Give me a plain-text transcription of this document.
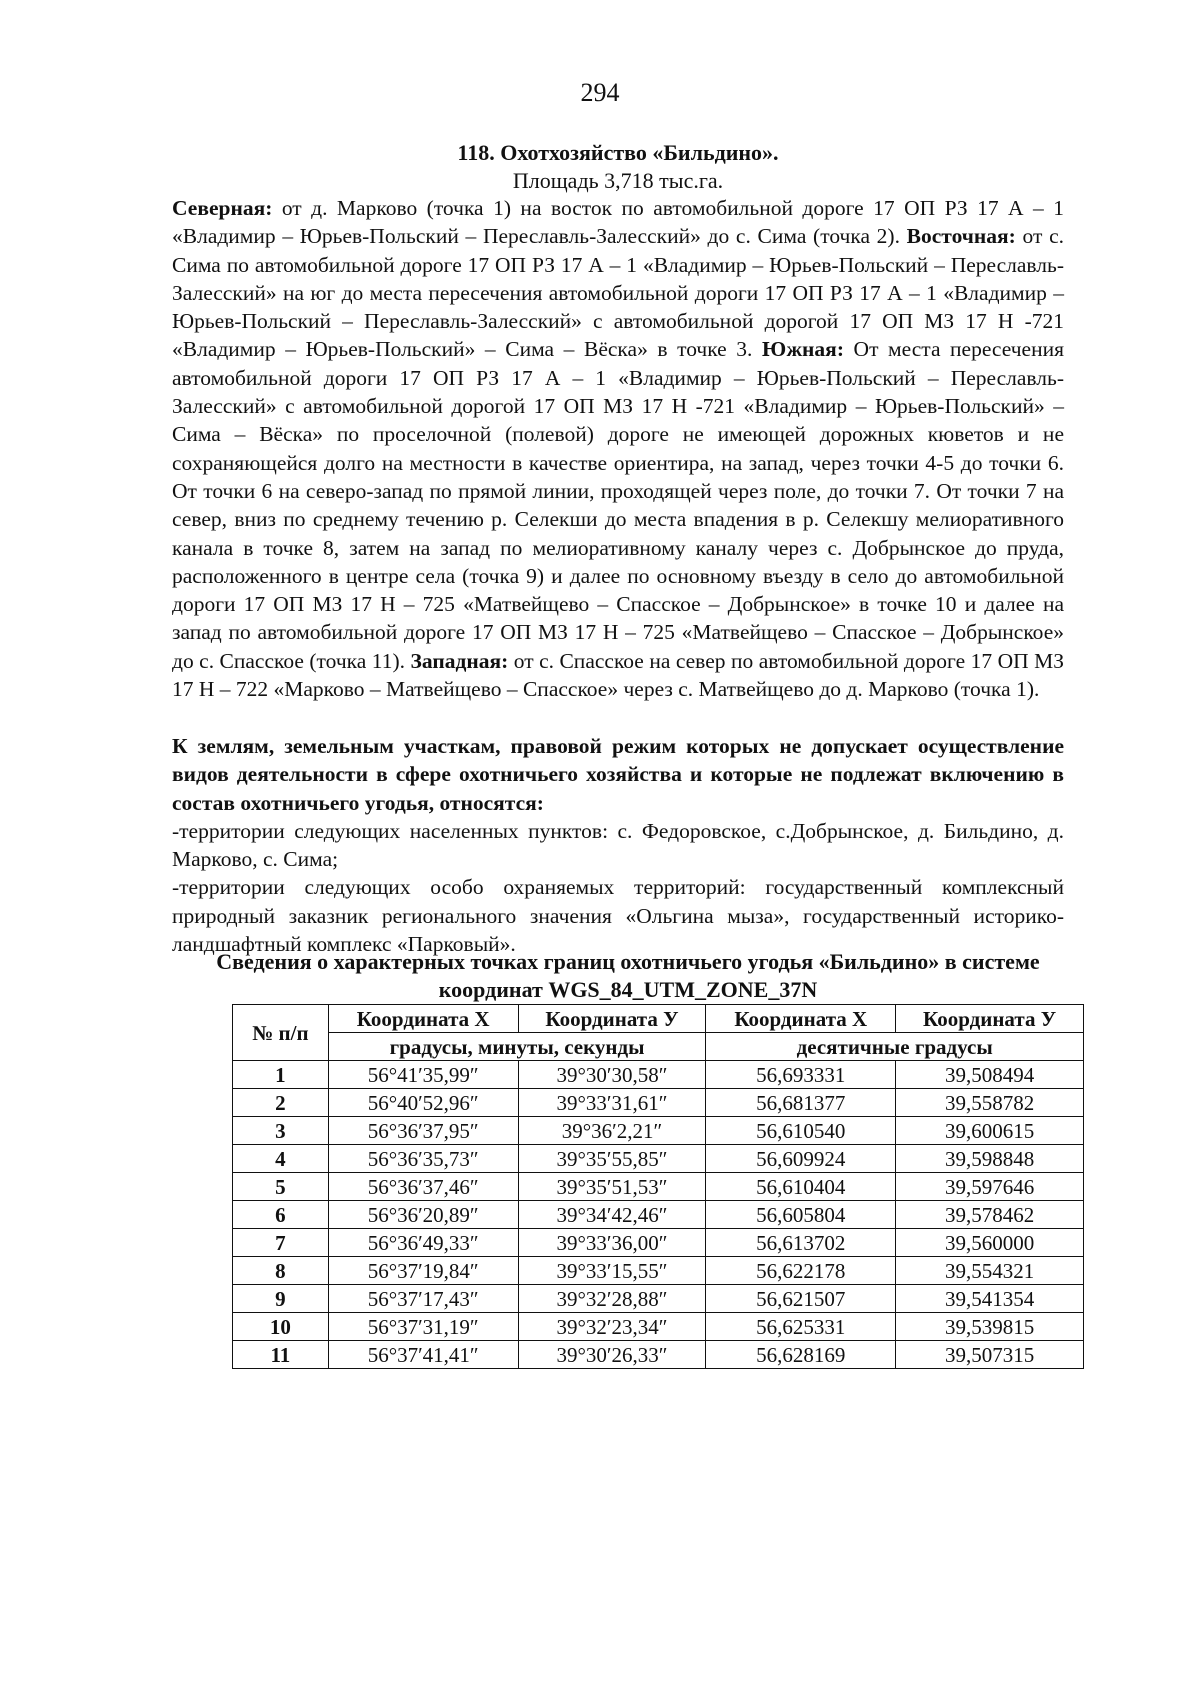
294
118. Охотхозяйство «Бильдино».
Площадь 3,718 тыс.га.

Северная: от д. Марково (точка 1) на восток по автомобильной дороге 17 ОП РЗ 17 А – 1 «Владимир – Юрьев-Польский – Переславль-Залесский» до с. Сима (точка 2). Восточная: от с. Сима по автомобильной дороге 17 ОП РЗ 17 А – 1 «Владимир – Юрьев-Польский – Переславль-Залесский» на юг до места пересечения автомобильной дороги 17 ОП РЗ 17 А – 1 «Владимир – Юрьев-Польский – Переславль-Залесский» с автомобильной дорогой 17 ОП МЗ 17 Н -721 «Владимир – Юрьев-Польский» – Сима – Вёска» в точке 3. Южная: От места пересечения автомобильной дороги 17 ОП РЗ 17 А – 1 «Владимир – Юрьев-Польский – Переславль-Залесский» с автомобильной дорогой 17 ОП МЗ 17 Н -721 «Владимир – Юрьев-Польский» – Сима – Вёска» по проселочной (полевой) дороге не имеющей дорожных кюветов и не сохраняющейся долго на местности в качестве ориентира, на запад, через точки 4-5 до точки 6. От точки 6 на северо-запад по прямой линии, проходящей через поле, до точки 7. От точки 7 на север, вниз по среднему течению р. Селекши до места впадения в р. Селекшу мелиоративного канала в точке 8, затем на запад по мелиоративному каналу через с. Добрынское до пруда, расположенного в центре села (точка 9) и далее по основному въезду в село до автомобильной дороги 17 ОП МЗ 17 Н – 725 «Матвейщево – Спасское – Добрынское» в точке 10 и далее на запад по автомобильной дороге 17 ОП МЗ 17 Н – 725 «Матвейщево – Спасское – Добрынское» до с. Спасское (точка 11). Западная: от с. Спасское на север по автомобильной дороге 17 ОП МЗ 17 Н – 722 «Марково – Матвейщево – Спасское» через с. Матвейщево до д. Марково (точка 1).

К землям, земельным участкам, правовой режим которых не допускает осуществление видов деятельности в сфере охотничьего хозяйства и которые не подлежат включению в состав охотничьего угодья, относятся:
-территории следующих населенных пунктов: с. Федоровское, с.Добрынское, д. Бильдино, д. Марково, с. Сима;
-территории следующих особо охраняемых территорий: государственный комплексный природный заказник регионального значения «Ольгина мыза», государственный историко-ландшафтный комплекс «Парковый».
Сведения о характерных точках границ охотничьего угодья «Бильдино» в системе координат WGS_84_UTM_ZONE_37N
№ п/п	Координата Х	Координата У	Координата Х	Координата У
	градусы, минуты, секунды		десятичные градусы	
1	56°41′35,99″	39°30′30,58″	56,693331	39,508494
2	56°40′52,96″	39°33′31,61″	56,681377	39,558782
3	56°36′37,95″	39°36′2,21″	56,610540	39,600615
4	56°36′35,73″	39°35′55,85″	56,609924	39,598848
5	56°36′37,46″	39°35′51,53″	56,610404	39,597646
6	56°36′20,89″	39°34′42,46″	56,605804	39,578462
7	56°36′49,33″	39°33′36,00″	56,613702	39,560000
8	56°37′19,84″	39°33′15,55″	56,622178	39,554321
9	56°37′17,43″	39°32′28,88″	56,621507	39,541354
10	56°37′31,19″	39°32′23,34″	56,625331	39,539815
11	56°37′41,41″	39°30′26,33″	56,628169	39,507315
